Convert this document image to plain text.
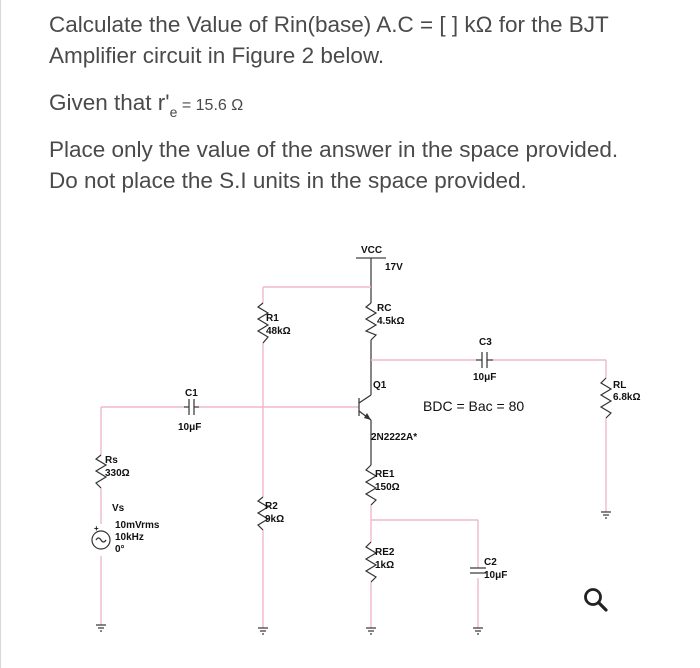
Calculate the Value of Rin(base) A.C = [ ] kΩ for the BJT Amplifier circuit in Figure 2 below.
Given that $r'_e = 15.6$ Ω
Place only the value of the answer in the space provided. Do not place the S.I units in the space provided.
+
VCC
17V
RC
4.5kΩ
R1
48kΩ
C3
10μF
Q1
2N2222A*
BDC = Bac = 80
RL
6.8kΩ
C1
10μF
Rs
330Ω	RE1
150Ω
R2
9kΩ
Vs
10mVrms
10kHz
0°	RE2
1kΩ	C2
10μF
